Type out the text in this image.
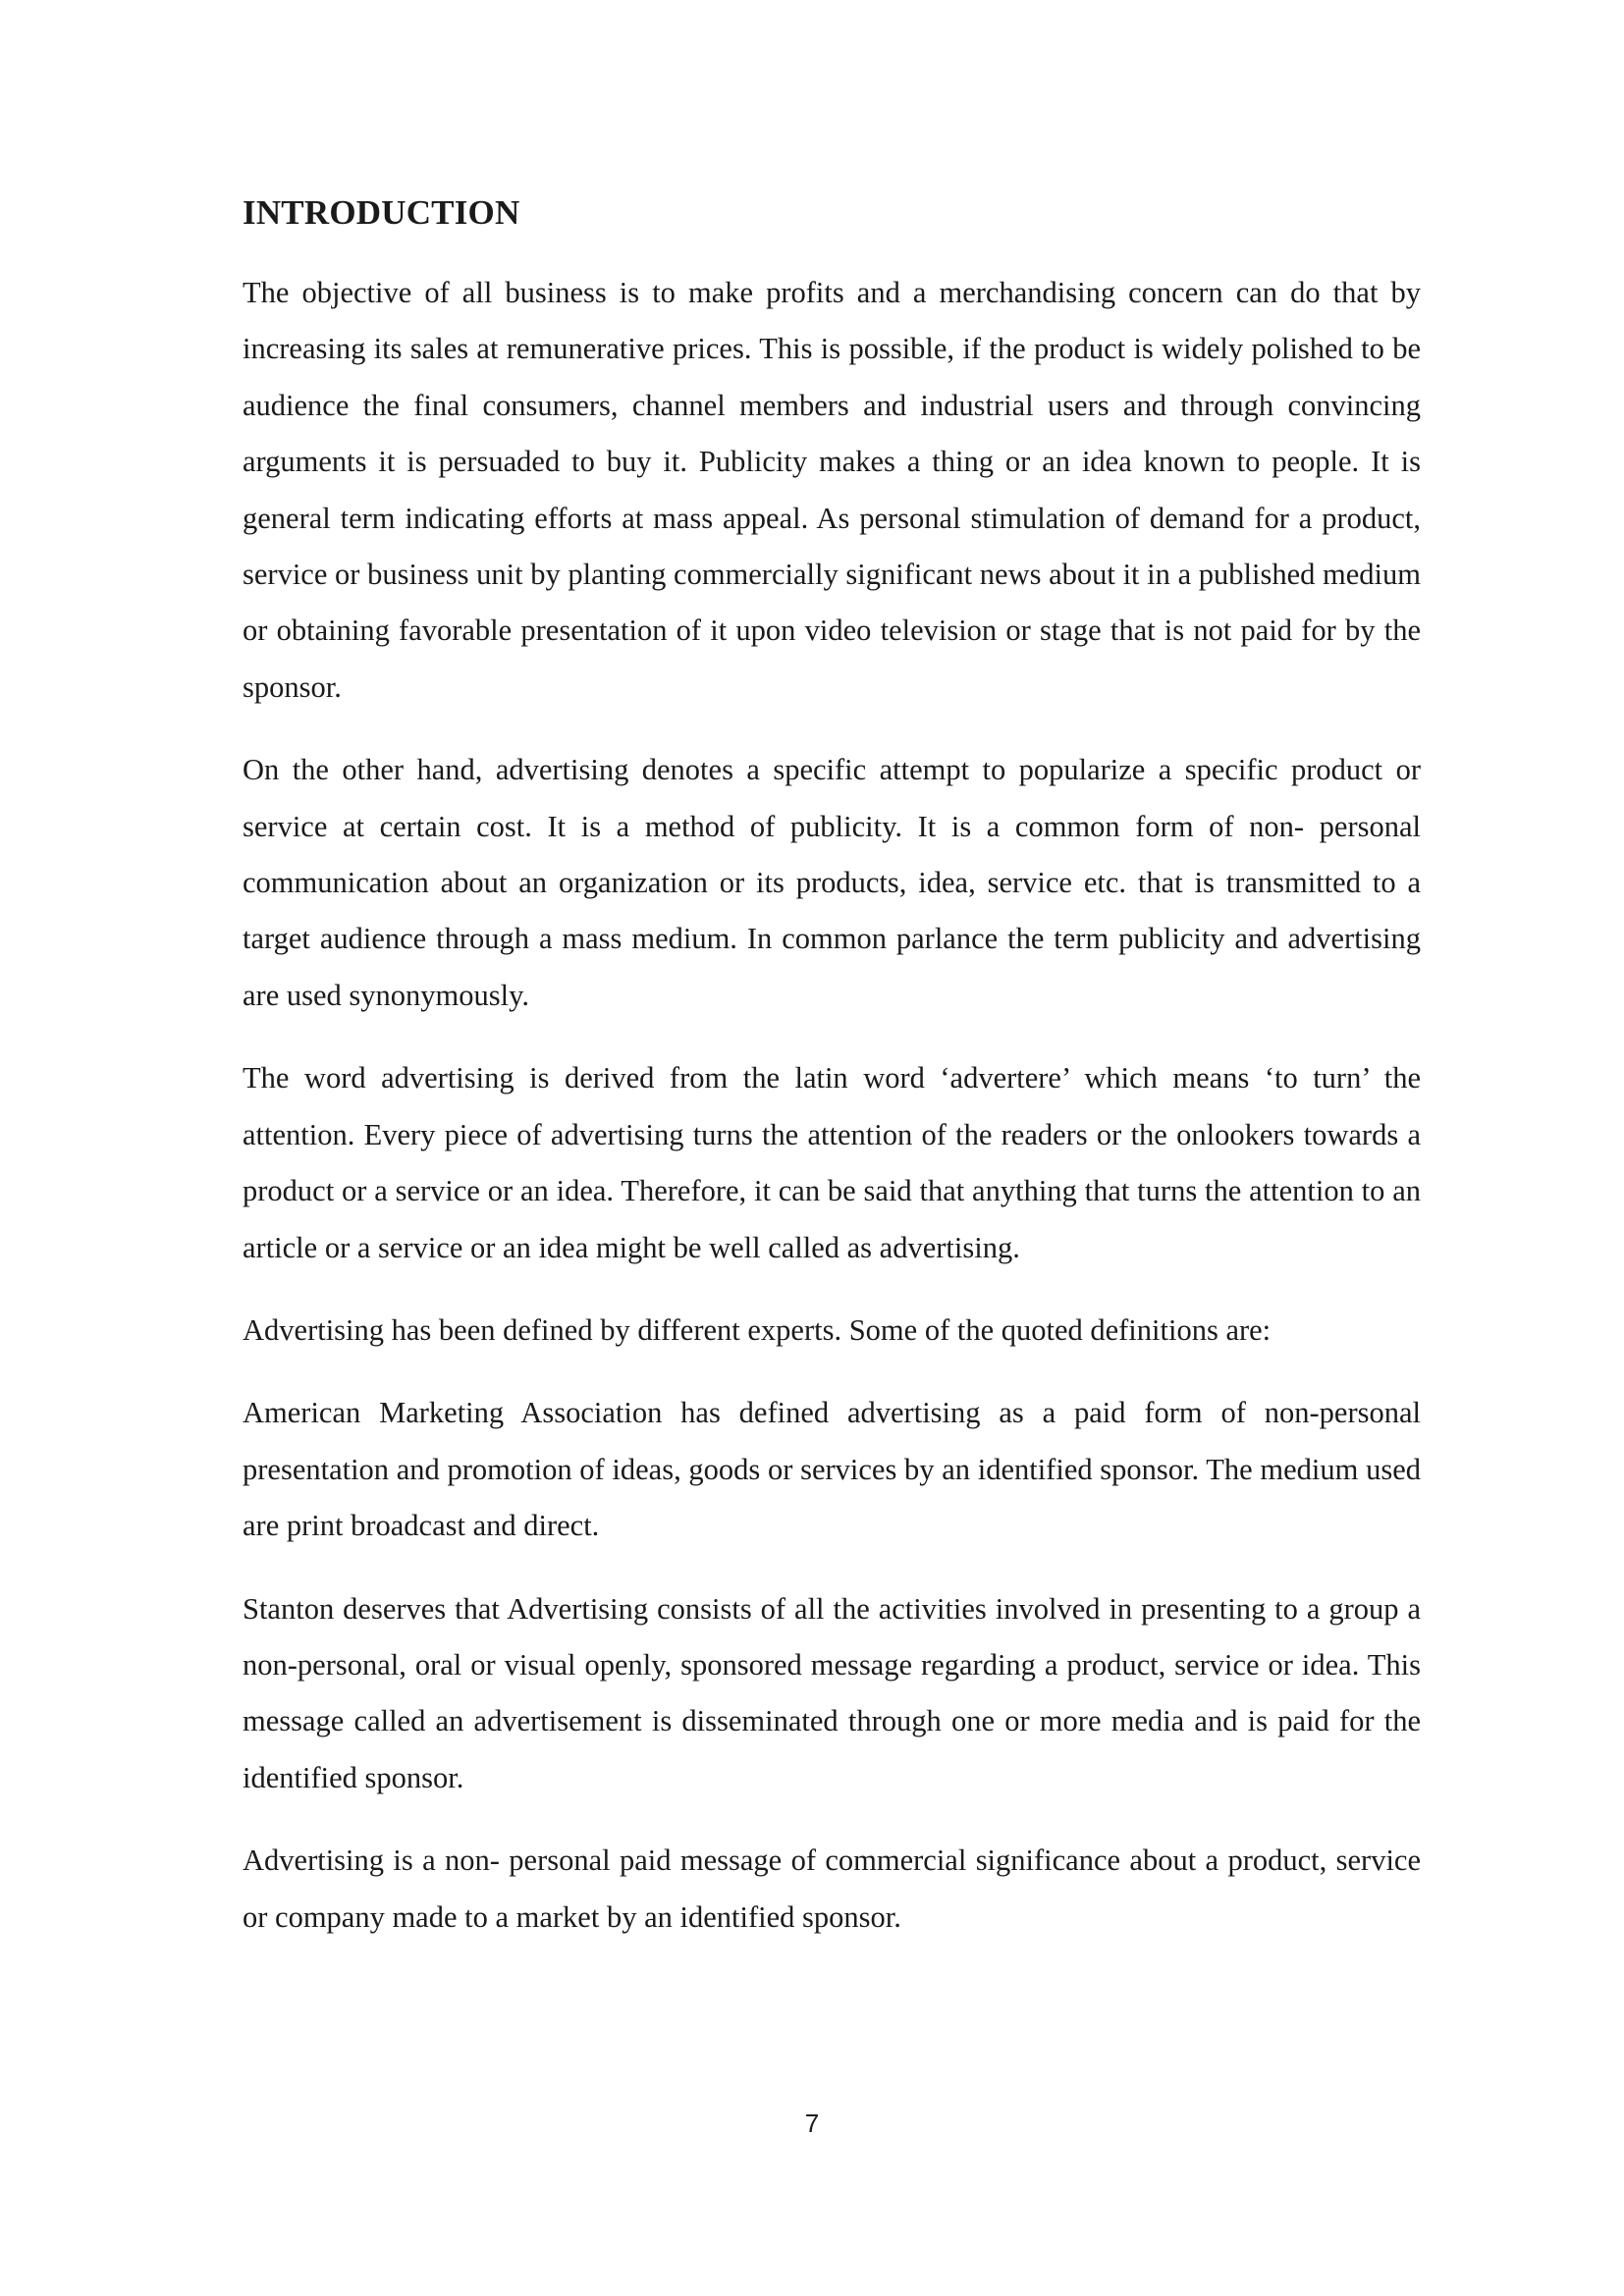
INTRODUCTION

The objective of all business is to make profits and a merchandising concern can do that by increasing its sales at remunerative prices. This is possible, if the product is widely polished to be audience the final consumers, channel members and industrial users and through convincing arguments it is persuaded to buy it. Publicity makes a thing or an idea known to people. It is general term indicating efforts at mass appeal. As personal stimulation of demand for a product, service or business unit by planting commercially significant news about it in a published medium or obtaining favorable presentation of it upon video television or stage that is not paid for by the sponsor.

On the other hand, advertising denotes a specific attempt to popularize a specific product or service at certain cost. It is a method of publicity. It is a common form of non- personal communication about an organization or its products, idea, service etc. that is transmitted to a target audience through a mass medium. In common parlance the term publicity and advertising are used synonymously.

The word advertising is derived from the latin word ‘advertere’ which means ‘to turn’ the attention. Every piece of advertising turns the attention of the readers or the onlookers towards a product or a service or an idea. Therefore, it can be said that anything that turns the attention to an article or a service or an idea might be well called as advertising.

Advertising has been defined by different experts. Some of the quoted definitions are:

American Marketing Association has defined advertising as a paid form of non-personal presentation and promotion of ideas, goods or services by an identified sponsor. The medium used are print broadcast and direct.

Stanton deserves that Advertising consists of all the activities involved in presenting to a group a non-personal, oral or visual openly, sponsored message regarding a product, service or idea. This message called an advertisement is disseminated through one or more media and is paid for the identified sponsor.

Advertising is a non- personal paid message of commercial significance about a product, service or company made to a market by an identified sponsor.

7
